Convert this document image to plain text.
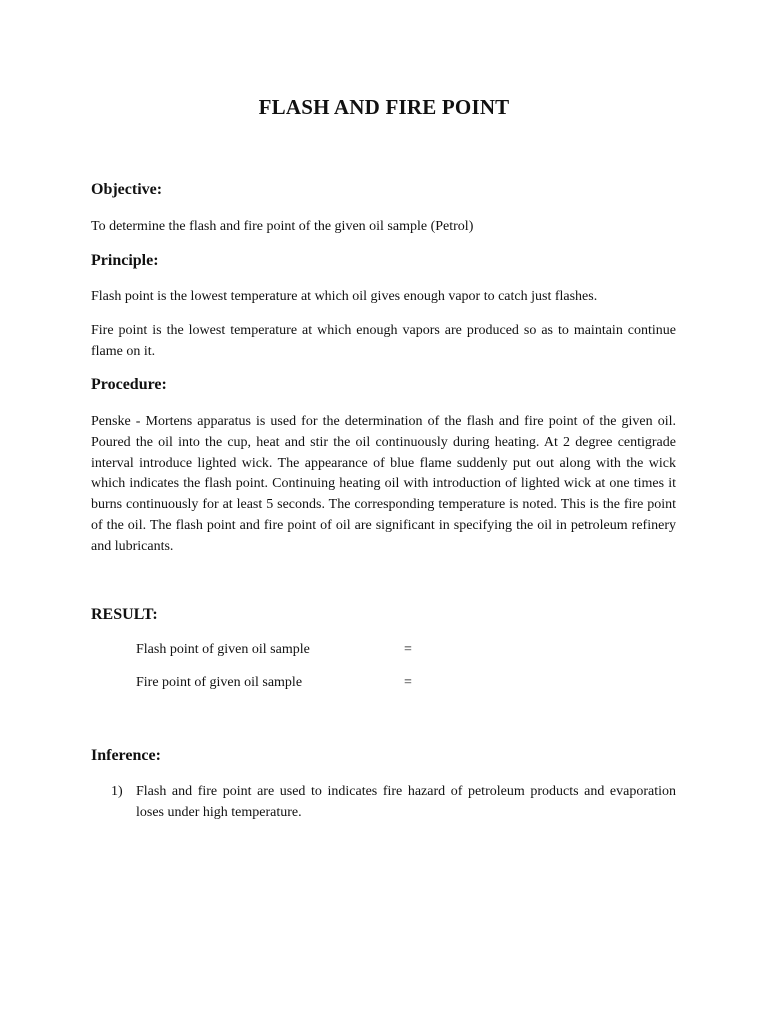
FLASH AND FIRE POINT
Objective:
To determine the flash and fire point of the given oil sample (Petrol)
Principle:
Flash point is the lowest temperature at which oil gives enough vapor to catch just flashes.
Fire point is the lowest temperature at which enough vapors are produced so as to maintain continue flame on it.
Procedure:
Penske - Mortens apparatus is used for the determination of the flash and fire point of the given oil. Poured the oil into the cup, heat and stir the oil continuously during heating. At 2 degree centigrade interval introduce lighted wick. The appearance of blue flame suddenly put out along with the wick which indicates the flash point. Continuing heating oil with introduction of lighted wick at one times it burns continuously for at least 5 seconds. The corresponding temperature is noted. This is the fire point of the oil. The flash point and fire point of oil are significant in specifying the oil in petroleum refinery and lubricants.
RESULT:
Flash point of given oil sample	=
Fire point of given oil sample	=
Inference:
1) Flash and fire point are used to indicates fire hazard of petroleum products and evaporation loses under high temperature.
